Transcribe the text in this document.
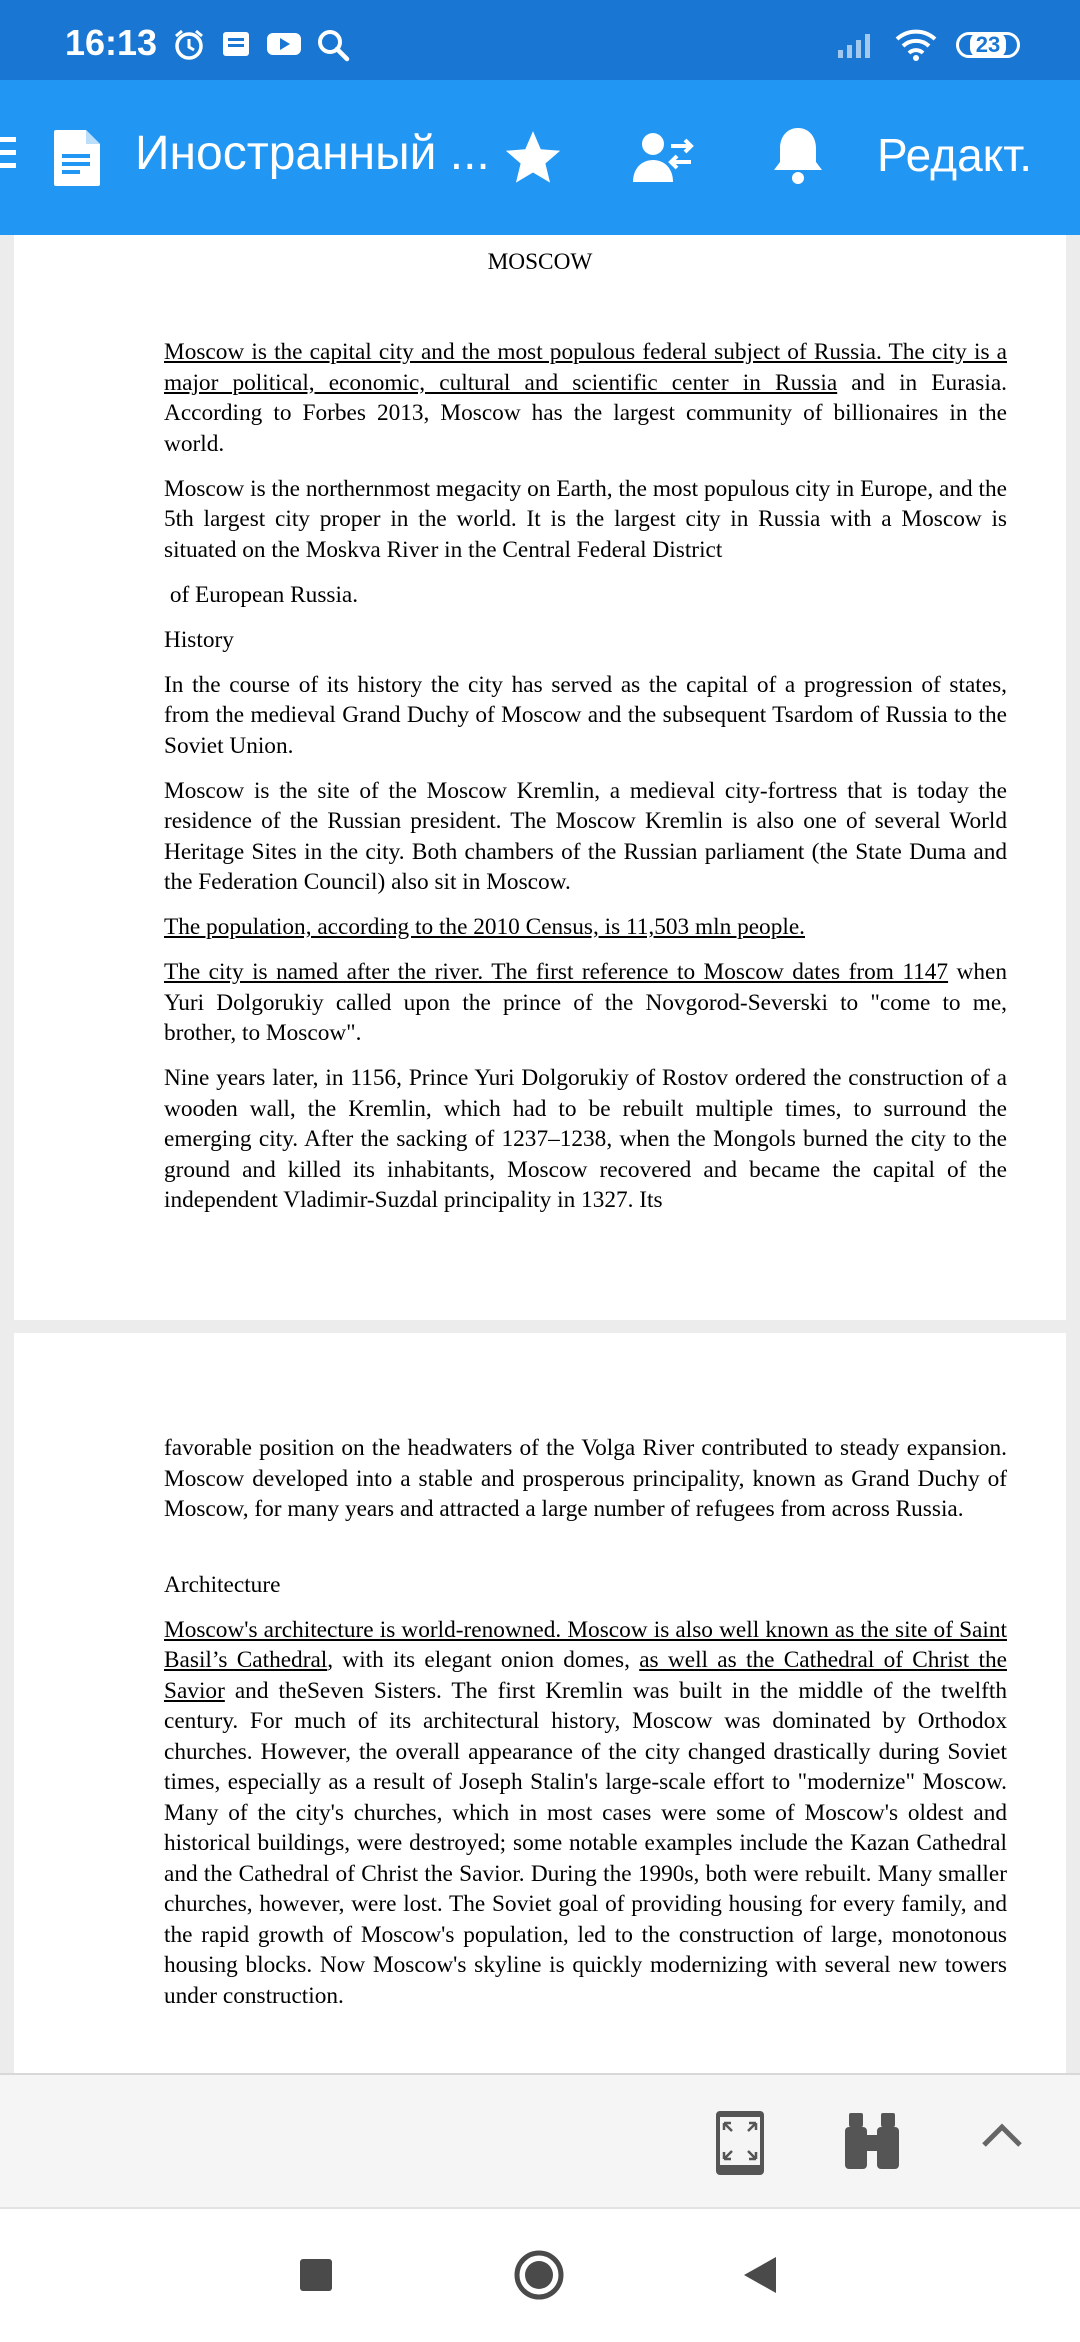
16:13	23
Иностранный ...	Редакт.
MOSCOW

Moscow is the capital city and the most populous federal subject of Russia. The city is a major political, economic, cultural and scientific center in Russia and in Eurasia. According to Forbes 2013, Moscow has the largest community of billionaires in the world.

Moscow is the northernmost megacity on Earth, the most populous city in Europe, and the 5th largest city proper in the world. It is the largest city in Russia with a Moscow is situated on the Moskva River in the Central Federal District

of European Russia.

History

In the course of its history the city has served as the capital of a progression of states, from the medieval Grand Duchy of Moscow and the subsequent Tsardom of Russia to the Soviet Union.

Moscow is the site of the Moscow Kremlin, a medieval city-fortress that is today the residence of the Russian president. The Moscow Kremlin is also one of several World Heritage Sites in the city. Both chambers of the Russian parliament (the State Duma and the Federation Council) also sit in Moscow.

The population, according to the 2010 Census, is 11,503 mln people.

The city is named after the river. The first reference to Moscow dates from 1147 when Yuri Dolgorukiy called upon the prince of the Novgorod-Severski to "come to me, brother, to Moscow".

Nine years later, in 1156, Prince Yuri Dolgorukiy of Rostov ordered the construction of a wooden wall, the Kremlin, which had to be rebuilt multiple times, to surround the emerging city. After the sacking of 1237–1238, when the Mongols burned the city to the ground and killed its inhabitants, Moscow recovered and became the capital of the independent Vladimir-Suzdal principality in 1327. Its

favorable position on the headwaters of the Volga River contributed to steady expansion. Moscow developed into a stable and prosperous principality, known as Grand Duchy of Moscow, for many years and attracted a large number of refugees from across Russia.

Architecture

Moscow's architecture is world-renowned. Moscow is also well known as the site of Saint Basil’s Cathedral, with its elegant onion domes, as well as the Cathedral of Christ the Savior and theSeven Sisters. The first Kremlin was built in the middle of the twelfth century. For much of its architectural history, Moscow was dominated by Orthodox churches. However, the overall appearance of the city changed drastically during Soviet times, especially as a result of Joseph Stalin's large-scale effort to "modernize" Moscow. Many of the city's churches, which in most cases were some of Moscow's oldest and historical buildings, were destroyed; some notable examples include the Kazan Cathedral and the Cathedral of Christ the Savior. During the 1990s, both were rebuilt. Many smaller churches, however, were lost. The Soviet goal of providing housing for every family, and the rapid growth of Moscow's population, led to the construction of large, monotonous housing blocks. Now Moscow's skyline is quickly modernizing with several new towers under construction.
